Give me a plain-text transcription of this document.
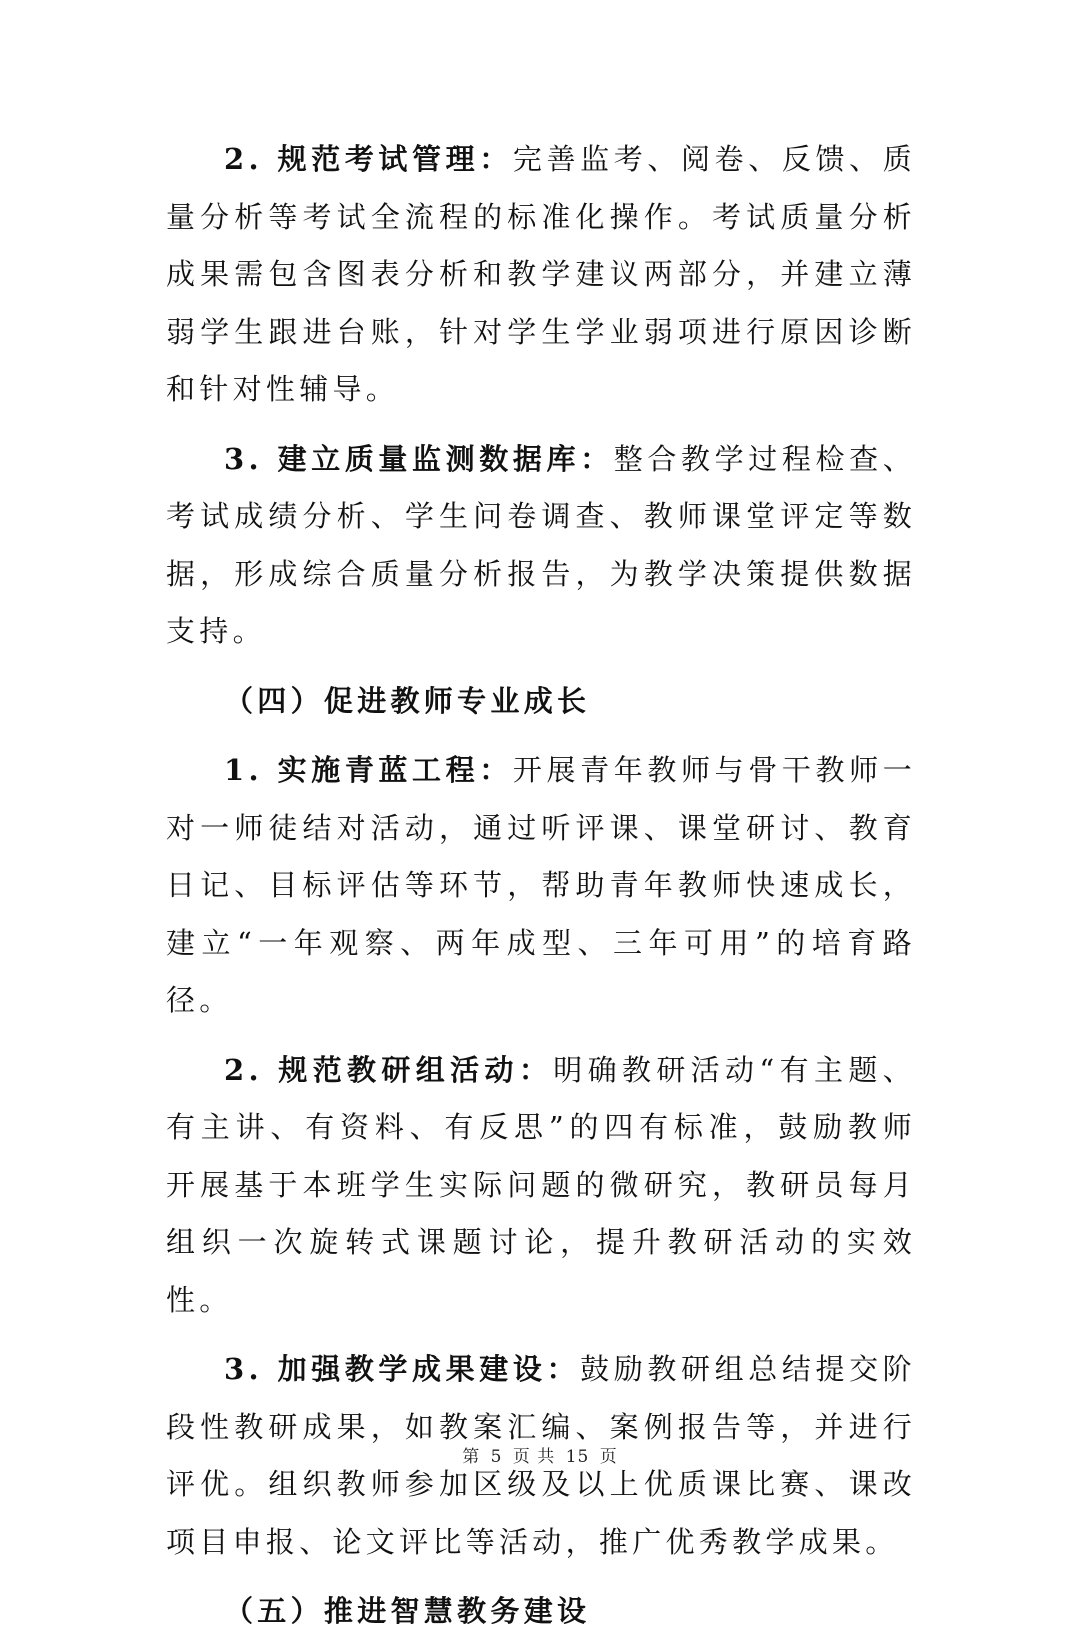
2. 规范考试管理：完善监考、阅卷、反馈、质量分析等考试全流程的标准化操作。考试质量分析成果需包含图表分析和教学建议两部分，并建立薄弱学生跟进台账，针对学生学业弱项进行原因诊断和针对性辅导。

3. 建立质量监测数据库：整合教学过程检查、考试成绩分析、学生问卷调查、教师课堂评定等数据，形成综合质量分析报告，为教学决策提供数据支持。

（四）促进教师专业成长

1. 实施青蓝工程：开展青年教师与骨干教师一对一师徒结对活动，通过听评课、课堂研讨、教育日记、目标评估等环节，帮助青年教师快速成长，建立“一年观察、两年成型、三年可用”的培育路径。

2. 规范教研组活动：明确教研活动“有主题、有主讲、有资料、有反思”的四有标准，鼓励教师开展基于本班学生实际问题的微研究，教研员每月组织一次旋转式课题讨论，提升教研活动的实效性。

3. 加强教学成果建设：鼓励教研组总结提交阶段性教研成果，如教案汇编、案例报告等，并进行评优。组织教师参加区级及以上优质课比赛、课改项目申报、论文评比等活动，推广优秀教学成果。

（五）推进智慧教务建设

第 5 页 共 15 页
